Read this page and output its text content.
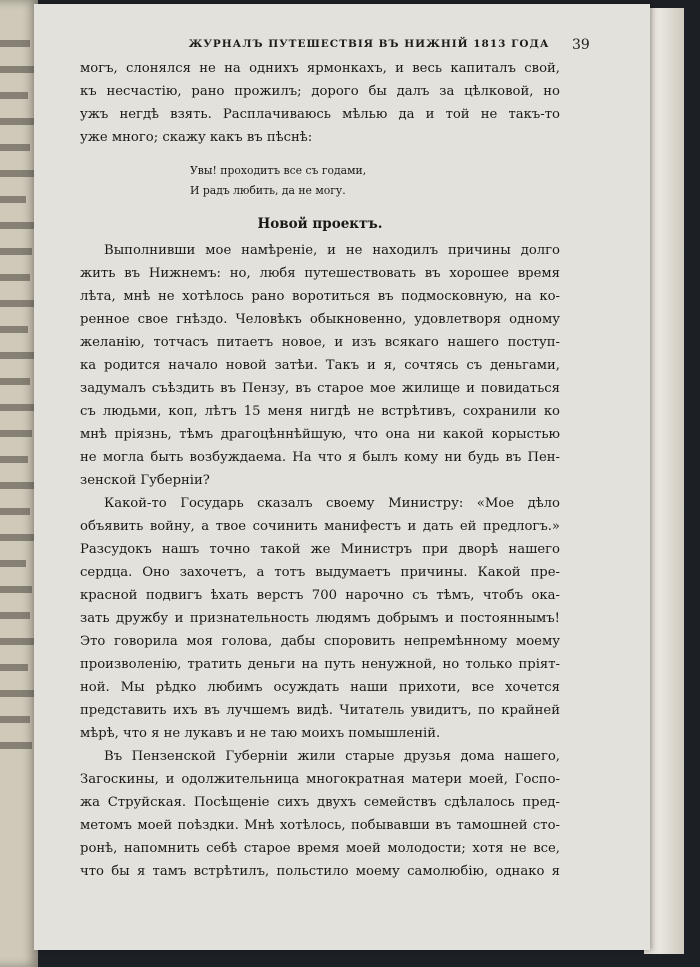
ЖУРНАЛЪ ПУТЕШЕСТВІЯ ВЪ НИЖНІЙ 1813 ГОДА	39
могъ, слонялся не на однихъ ярмонкахъ, и весь капиталъ свой,
къ несчастію, рано прожилъ; дорого бы далъ за цѣлковой, но
ужъ негдѣ взять. Расплачиваюсь мѣлью да и той не такъ-то
уже много; скажу какъ въ пѣснѣ:
Увы! проходитъ все съ годами,
И радъ любить, да не могу.
Новой проектъ.
Выполнивши мое намѣреніе, и не находилъ причины долго
жить въ Нижнемъ: но, любя путешествовать въ хорошее время
лѣта, мнѣ не хотѣлось рано воротиться въ подмосковную, на ко-
ренное свое гнѣздо. Человѣкъ обыкновенно, удовлетворя одному
желанію, тотчасъ питаетъ новое, и изъ всякаго нашего поступ-
ка родится начало новой затѣи. Такъ и я, сочтясь съ деньгами,
задумалъ съѣздить въ Пензу, въ старое мое жилище и повидаться
съ людьми, коп, лѣтъ 15 меня нигдѣ не встрѣтивъ, сохранили ко
мнѣ пріязнь, тѣмъ драгоцѣннѣйшую, что она ни какой корыстью
не могла быть возбуждаема. На что я былъ кому ни будь въ Пен-
зенской Губерніи?
Какой-то Государь сказалъ своему Министру: «Мое дѣло
объявить войну, а твое сочинить манифестъ и дать ей предлогъ.»
Разсудокъ нашъ точно такой же Министръ при дворѣ нашего
сердца. Оно захочетъ, а тотъ выдумаетъ причины. Какой пре-
красной подвигъ ѣхать верстъ 700 нарочно съ тѣмъ, чтобъ ока-
зать дружбу и признательность людямъ добрымъ и постояннымъ!
Это говорила моя голова, дабы споровить непремѣнному моему
произволенію, тратить деньги на путь ненужной, но только пріят-
ной. Мы рѣдко любимъ осуждать наши прихоти, все хочется
представить ихъ въ лучшемъ видѣ. Читатель увидитъ, по крайней
мѣрѣ, что я не лукавъ и не таю моихъ помышленій.
Въ Пензенской Губерніи жили старые друзья дома нашего,
Загоскины, и одолжительница многократная матери моей, Госпо-
жа Струйская. Посѣщеніе сихъ двухъ семействъ сдѣлалось пред-
метомъ моей поѣздки. Мнѣ хотѣлось, побывавши въ тамошней сто-
ронѣ, напомнить себѣ старое время моей молодости; хотя не все,
что бы я тамъ встрѣтилъ, польстило моему самолюбію, однако я
